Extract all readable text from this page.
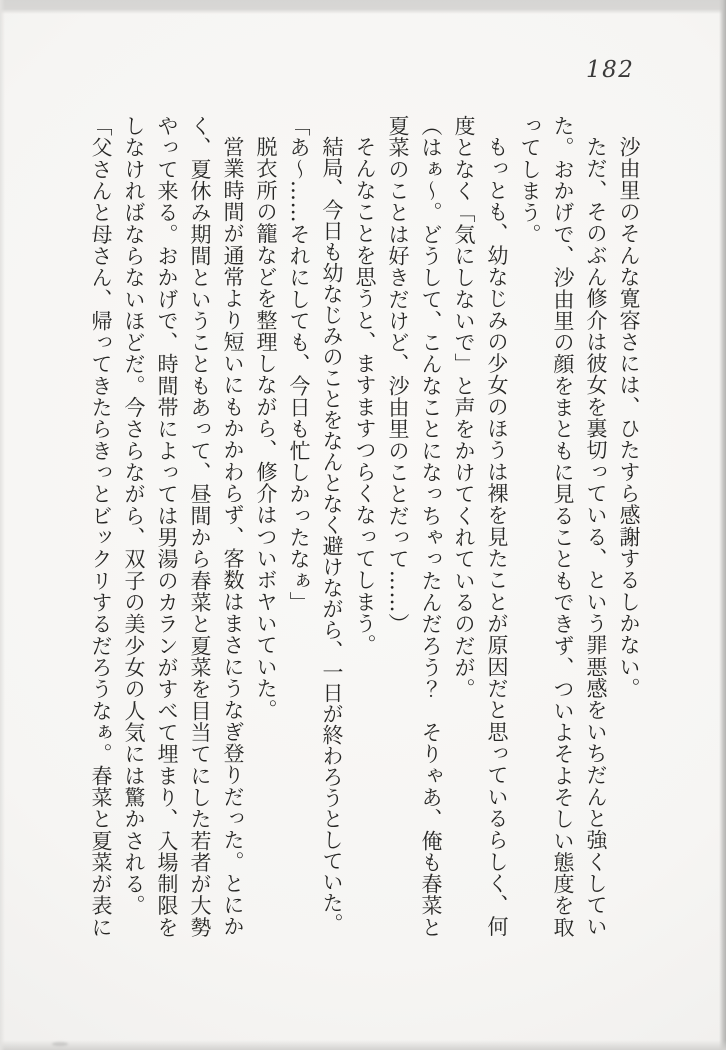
182

沙由里のそんな寛容さには、ひたすら感謝するしかない。

ただ、そのぶん修介は彼女を裏切っている、という罪悪感をいちだんと強くしてい

た。おかげで、沙由里の顔をまともに見ることもできず、ついよそよそしい態度を取

ってしまう。

もっとも、幼なじみの少女のほうは裸を見たことが原因だと思っているらしく、何

度となく「気にしないで」と声をかけてくれているのだが。

（はぁ～。どうして、こんなことになっちゃったんだろう？　そりゃあ、俺も春菜と

夏菜のことは好きだけど、沙由里のことだって……）

そんなことを思うと、ますますつらくなってしまう。

結局、今日も幼なじみのことをなんとなく避けながら、一日が終わろうとしていた。

「あ～……それにしても、今日も忙しかったなぁ」

脱衣所の籠などを整理しながら、修介はついボヤいていた。

営業時間が通常より短いにもかかわらず、客数はまさにうなぎ登りだった。とにか

く、夏休み期間ということもあって、昼間から春菜と夏菜を目当てにした若者が大勢

やって来る。おかげで、時間帯によっては男湯のカランがすべて埋まり、入場制限を

しなければならないほどだ。今さらながら、双子の美少女の人気には驚かされる。

「父さんと母さん、帰ってきたらきっとビックリするだろうなぁ。春菜と夏菜が表に
